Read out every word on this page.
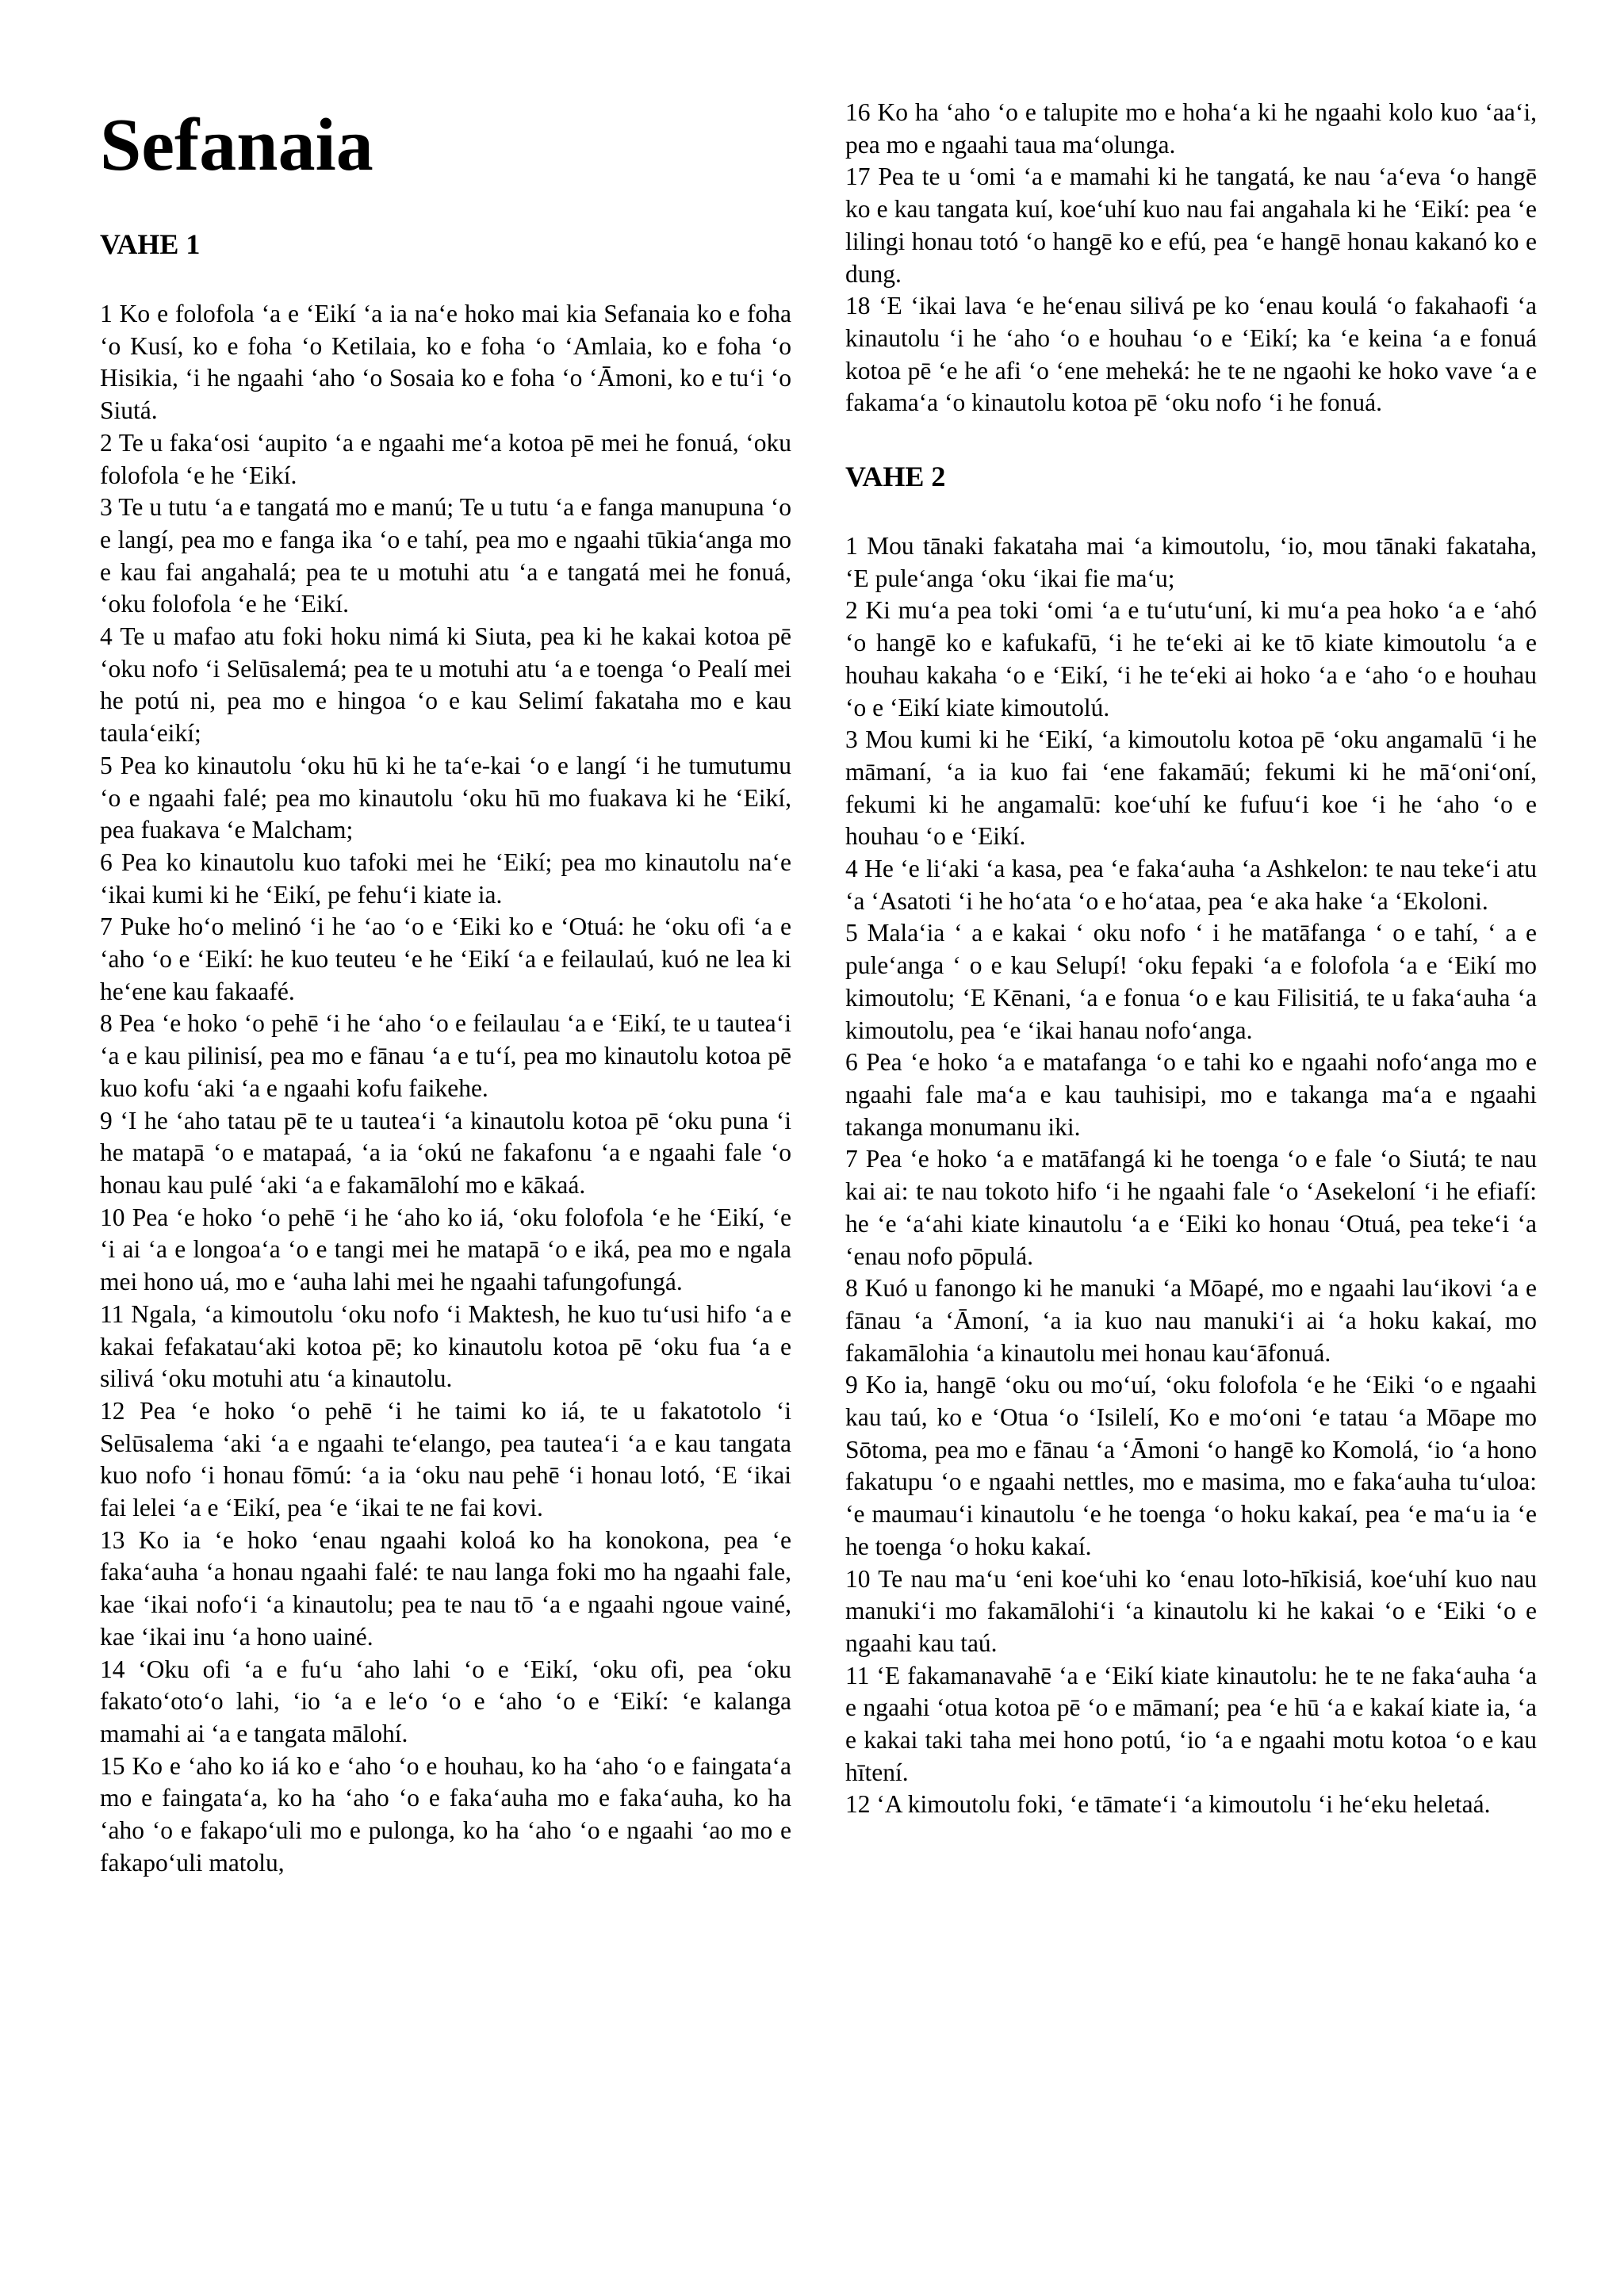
Sefanaia
VAHE 1

1 Ko e folofola ‘a e ‘Eikí ‘a ia na‘e hoko mai kia Sefanaia ko e foha ‘o Kusí, ko e foha ‘o Ketilaia, ko e foha ‘o ‘Amlaia, ko e foha ‘o Hisikia, ‘i he ngaahi ‘aho ‘o Sosaia ko e foha ‘o ‘Āmoni, ko e tu‘i ‘o Siutá.

2 Te u faka‘osi ‘aupito ‘a e ngaahi me‘a kotoa pē mei he fonuá, ‘oku folofola ‘e he ‘Eikí.

3 Te u tutu ‘a e tangatá mo e manú; Te u tutu ‘a e fanga manupuna ‘o e langí, pea mo e fanga ika ‘o e tahí, pea mo e ngaahi tūkia‘anga mo e kau fai angahalá; pea te u motuhi atu ‘a e tangatá mei he fonuá, ‘oku folofola ‘e he ‘Eikí.

4 Te u mafao atu foki hoku nimá ki Siuta, pea ki he kakai kotoa pē ‘oku nofo ‘i Selūsalemá; pea te u motuhi atu ‘a e toenga ‘o Pealí mei he potú ni, pea mo e hingoa ‘o e kau Selimí fakataha mo e kau taula‘eikí;

5 Pea ko kinautolu ‘oku hū ki he ta‘e-kai ‘o e langí ‘i he tumutumu ‘o e ngaahi falé; pea mo kinautolu ‘oku hū mo fuakava ki he ‘Eikí, pea fuakava ‘e Malcham;

6 Pea ko kinautolu kuo tafoki mei he ‘Eikí; pea mo kinautolu na‘e ‘ikai kumi ki he ‘Eikí, pe fehu‘i kiate ia.

7 Puke ho‘o melinó ‘i he ‘ao ‘o e ‘Eiki ko e ‘Otuá: he ‘oku ofi ‘a e ‘aho ‘o e ‘Eikí: he kuo teuteu ‘e he ‘Eikí ‘a e feilaulaú, kuó ne lea ki he‘ene kau fakaafé.

8 Pea ‘e hoko ‘o pehē ‘i he ‘aho ‘o e feilaulau ‘a e ‘Eikí, te u tautea‘i ‘a e kau pilinisí, pea mo e fānau ‘a e tu‘í, pea mo kinautolu kotoa pē kuo kofu ‘aki ‘a e ngaahi kofu faikehe.

9 ‘I he ‘aho tatau pē te u tautea‘i ‘a kinautolu kotoa pē ‘oku puna ‘i he matapā ‘o e matapaá, ‘a ia ‘okú ne fakafonu ‘a e ngaahi fale ‘o honau kau pulé ‘aki ‘a e fakamālohí mo e kākaá.

10 Pea ‘e hoko ‘o pehē ‘i he ‘aho ko iá, ‘oku folofola ‘e he ‘Eikí, ‘e ‘i ai ‘a e longoa‘a ‘o e tangi mei he matapā ‘o e iká, pea mo e ngala mei hono uá, mo e ‘auha lahi mei he ngaahi tafungofungá.

11 Ngala, ‘a kimoutolu ‘oku nofo ‘i Maktesh, he kuo tu‘usi hifo ‘a e kakai fefakatau‘aki kotoa pē; ko kinautolu kotoa pē ‘oku fua ‘a e silivá ‘oku motuhi atu ‘a kinautolu.

12 Pea ‘e hoko ‘o pehē ‘i he taimi ko iá, te u fakatotolo ‘i Selūsalema ‘aki ‘a e ngaahi te‘elango, pea tautea‘i ‘a e kau tangata kuo nofo ‘i honau fōmú: ‘a ia ‘oku nau pehē ‘i honau lotó, ‘E ‘ikai fai lelei ‘a e ‘Eikí, pea ‘e ‘ikai te ne fai kovi.

13 Ko ia ‘e hoko ‘enau ngaahi koloá ko ha konokona, pea ‘e faka‘auha ‘a honau ngaahi falé: te nau langa foki mo ha ngaahi fale, kae ‘ikai nofo‘i ‘a kinautolu; pea te nau tō ‘a e ngaahi ngoue vainé, kae ‘ikai inu ‘a hono uainé.

14 ‘Oku ofi ‘a e fu‘u ‘aho lahi ‘o e ‘Eikí, ‘oku ofi, pea ‘oku fakato‘oto‘o lahi, ‘io ‘a e le‘o ‘o e ‘aho ‘o e ‘Eikí: ‘e kalanga mamahi ai ‘a e tangata mālohí.

15 Ko e ‘aho ko iá ko e ‘aho ‘o e houhau, ko ha ‘aho ‘o e faingata‘a mo e faingata‘a, ko ha ‘aho ‘o e faka‘auha mo e faka‘auha, ko ha ‘aho ‘o e fakapo‘uli mo e pulonga, ko ha ‘aho ‘o e ngaahi ‘ao mo e fakapo‘uli matolu,

16 Ko ha ‘aho ‘o e talupite mo e hoha‘a ki he ngaahi kolo kuo ‘aa‘i, pea mo e ngaahi taua ma‘olunga.

17 Pea te u ‘omi ‘a e mamahi ki he tangatá, ke nau ‘a‘eva ‘o hangē ko e kau tangata kuí, koe‘uhí kuo nau fai angahala ki he ‘Eikí: pea ‘e lilingi honau totó ‘o hangē ko e efú, pea ‘e hangē honau kakanó ko e dung.

18 ‘E ‘ikai lava ‘e he‘enau silivá pe ko ‘enau koulá ‘o fakahaofi ‘a kinautolu ‘i he ‘aho ‘o e houhau ‘o e ‘Eikí; ka ‘e keina ‘a e fonuá kotoa pē ‘e he afi ‘o ‘ene meheká: he te ne ngaohi ke hoko vave ‘a e fakama‘a ‘o kinautolu kotoa pē ‘oku nofo ‘i he fonuá.

VAHE 2

1 Mou tānaki fakataha mai ‘a kimoutolu, ‘io, mou tānaki fakataha, ‘E pule‘anga ‘oku ‘ikai fie ma‘u;

2 Ki mu‘a pea toki ‘omi ‘a e tu‘utu‘uní, ki mu‘a pea hoko ‘a e ‘ahó ‘o hangē ko e kafukafū, ‘i he te‘eki ai ke tō kiate kimoutolu ‘a e houhau kakaha ‘o e ‘Eikí, ‘i he te‘eki ai hoko ‘a e ‘aho ‘o e houhau ‘o e ‘Eikí kiate kimoutolú.

3 Mou kumi ki he ‘Eikí, ‘a kimoutolu kotoa pē ‘oku angamalū ‘i he māmaní, ‘a ia kuo fai ‘ene fakamāú; fekumi ki he mā‘oni‘oní, fekumi ki he angamalū: koe‘uhí ke fufuu‘i koe ‘i he ‘aho ‘o e houhau ‘o e ‘Eikí.

4 He ‘e li‘aki ‘a kasa, pea ‘e faka‘auha ‘a Ashkelon: te nau teke‘i atu ‘a ‘Asatoti ‘i he ho‘ata ‘o e ho‘ataa, pea ‘e aka hake ‘a ‘Ekoloni.

5 Mala‘ia ‘ a e kakai ‘ oku nofo ‘ i he matāfanga ‘ o e tahí, ‘ a e pule‘anga ‘ o e kau Selupí! ‘oku fepaki ‘a e folofola ‘a e ‘Eikí mo kimoutolu; ‘E Kēnani, ‘a e fonua ‘o e kau Filisitiá, te u faka‘auha ‘a kimoutolu, pea ‘e ‘ikai hanau nofo‘anga.

6 Pea ‘e hoko ‘a e matafanga ‘o e tahi ko e ngaahi nofo‘anga mo e ngaahi fale ma‘a e kau tauhisipi, mo e takanga ma‘a e ngaahi takanga monumanu iki.

7 Pea ‘e hoko ‘a e matāfangá ki he toenga ‘o e fale ‘o Siutá; te nau kai ai: te nau tokoto hifo ‘i he ngaahi fale ‘o ‘Asekeloní ‘i he efiafí: he ‘e ‘a‘ahi kiate kinautolu ‘a e ‘Eiki ko honau ‘Otuá, pea teke‘i ‘a ‘enau nofo pōpulá.

8 Kuó u fanongo ki he manuki ‘a Mōapé, mo e ngaahi lau‘ikovi ‘a e fānau ‘a ‘Āmoní, ‘a ia kuo nau manuki‘i ai ‘a hoku kakaí, mo fakamālohia ‘a kinautolu mei honau kau‘āfonuá.

9 Ko ia, hangē ‘oku ou mo‘uí, ‘oku folofola ‘e he ‘Eiki ‘o e ngaahi kau taú, ko e ‘Otua ‘o ‘Isilelí, Ko e mo‘oni ‘e tatau ‘a Mōape mo Sōtoma, pea mo e fānau ‘a ‘Āmoni ‘o hangē ko Komolá, ‘io ‘a hono fakatupu ‘o e ngaahi nettles, mo e masima, mo e faka‘auha tu‘uloa: ‘e maumau‘i kinautolu ‘e he toenga ‘o hoku kakaí, pea ‘e ma‘u ia ‘e he toenga ‘o hoku kakaí.

10 Te nau ma‘u ‘eni koe‘uhi ko ‘enau loto-hīkisiá, koe‘uhí kuo nau manuki‘i mo fakamālohi‘i ‘a kinautolu ki he kakai ‘o e ‘Eiki ‘o e ngaahi kau taú.

11 ‘E fakamanavahē ‘a e ‘Eikí kiate kinautolu: he te ne faka‘auha ‘a e ngaahi ‘otua kotoa pē ‘o e māmaní; pea ‘e hū ‘a e kakaí kiate ia, ‘a e kakai taki taha mei hono potú, ‘io ‘a e ngaahi motu kotoa ‘o e kau hītení.

12 ‘A kimoutolu foki, ‘e tāmate‘i ‘a kimoutolu ‘i he‘eku heletaá.
